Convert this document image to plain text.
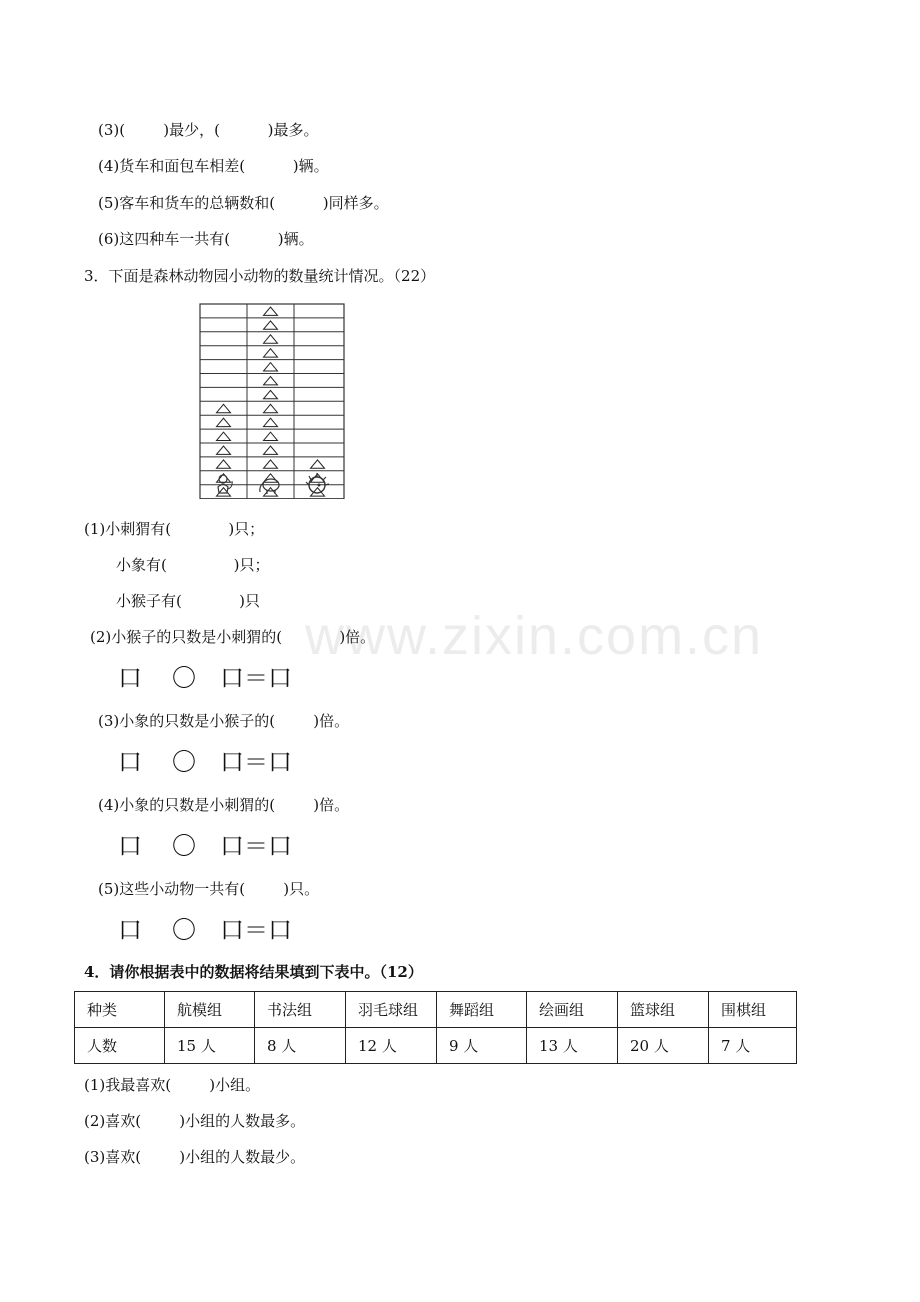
www.zixin.com.cn
(3)(        )最少，(          )最多。
(4)货车和面包车相差(          )辆。
(5)客车和货车的总辆数和(          )同样多。
(6)这四种车一共有(          )辆。
3．下面是森林动物园小动物的数量统计情况。（22）
(1)小刺猬有(            )只；
小象有(              )只；
小猴子有(            )只
(2)小猴子的只数是小刺猬的(            )倍。
口 〇 口＝口
(3)小象的只数是小猴子的(        )倍。
口 〇 口＝口
(4)小象的只数是小刺猬的(        )倍。
口 〇 口＝口
(5)这些小动物一共有(        )只。
口 〇 口＝口
4．请你根据表中的数据将结果填到下表中。（12）
种类	航模组	书法组	羽毛球组	舞蹈组	绘画组	篮球组	围棋组
人数	15 人	8 人	12 人	9 人	13 人	20 人	7 人
(1)我最喜欢(        )小组。
(2)喜欢(        )小组的人数最多。
(3)喜欢(        )小组的人数最少。
